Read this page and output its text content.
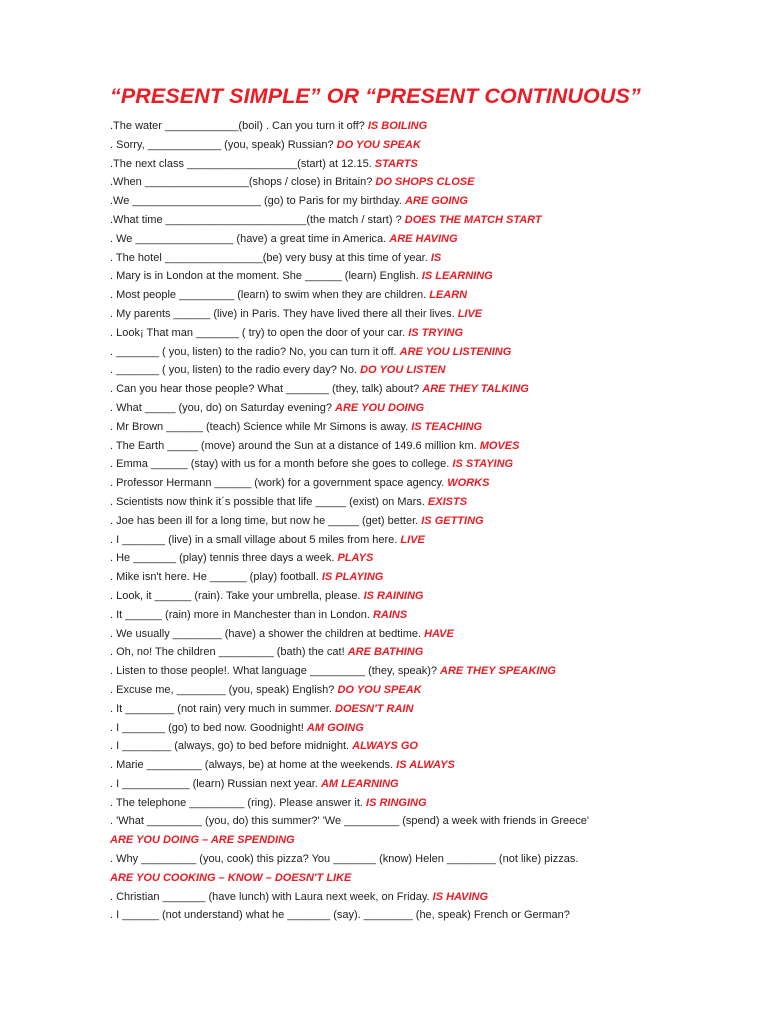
“PRESENT SIMPLE” OR “PRESENT CONTINUOUS”
.The water ____________(boil) . Can you turn it off? IS BOILING
. Sorry, ____________ (you, speak) Russian? DO YOU SPEAK
.The next class __________________(start) at 12.15. STARTS
.When _________________(shops / close) in Britain? DO SHOPS CLOSE
.We _____________________ (go) to Paris for my birthday. ARE GOING
.What time _______________________(the match / start) ? DOES THE MATCH START
. We ________________ (have) a great time in America. ARE HAVING
. The hotel ________________(be) very busy at this time of year. IS
. Mary is in London at the moment. She ______ (learn) English. IS LEARNING
. Most people _________ (learn) to swim when they are children. LEARN
. My parents ______ (live) in Paris. They have lived there all their lives. LIVE
. Look¡ That man _______ ( try) to open the door of your car. IS TRYING
. _______ ( you, listen) to the radio? No, you can turn it off. ARE YOU LISTENING
. _______ ( you, listen) to the radio every day? No. DO YOU LISTEN
. Can you hear those people? What _______ (they, talk) about? ARE THEY TALKING
. What _____ (you, do) on Saturday evening? ARE YOU DOING
. Mr Brown ______ (teach) Science while Mr Simons is away. IS TEACHING
. The Earth _____ (move) around the Sun at a distance of 149.6 million km. MOVES
. Emma ______ (stay) with us for a month before she goes to college. IS STAYING
. Professor Hermann ______ (work) for a government space agency. WORKS
. Scientists now think it´s possible that life _____ (exist) on Mars. EXISTS
. Joe has been ill for a long time, but now he _____ (get) better. IS GETTING
. I _______ (live) in a small village about 5 miles from here. LIVE
. He _______ (play) tennis three days a week. PLAYS
. Mike isn't here. He ______ (play) football. IS PLAYING
. Look, it ______ (rain). Take your umbrella, please. IS RAINING
. It ______ (rain) more in Manchester than in London. RAINS
. We usually ________ (have) a shower the children at bedtime. HAVE
. Oh, no! The children _________ (bath) the cat! ARE BATHING
. Listen to those people!. What language _________ (they, speak)? ARE THEY SPEAKING
. Excuse me, ________ (you, speak) English? DO YOU SPEAK
. It ________ (not rain) very much in summer. DOESN'T RAIN
. I _______ (go) to bed now. Goodnight! AM GOING
. I ________ (always, go) to bed before midnight. ALWAYS GO
. Marie _________ (always, be) at home at the weekends. IS ALWAYS
. I ___________ (learn) Russian next year. AM LEARNING
. The telephone _________ (ring). Please answer it. IS RINGING
. 'What _________ (you, do) this summer?' 'We _________ (spend) a week with friends in Greece'
ARE YOU DOING – ARE SPENDING
. Why _________ (you, cook) this pizza? You _______ (know) Helen ________ (not like) pizzas.
ARE YOU COOKING – KNOW – DOESN'T LIKE
. Christian _______ (have lunch) with Laura next week, on Friday. IS HAVING
. I ______ (not understand) what he _______ (say). ________ (he, speak) French or German?
